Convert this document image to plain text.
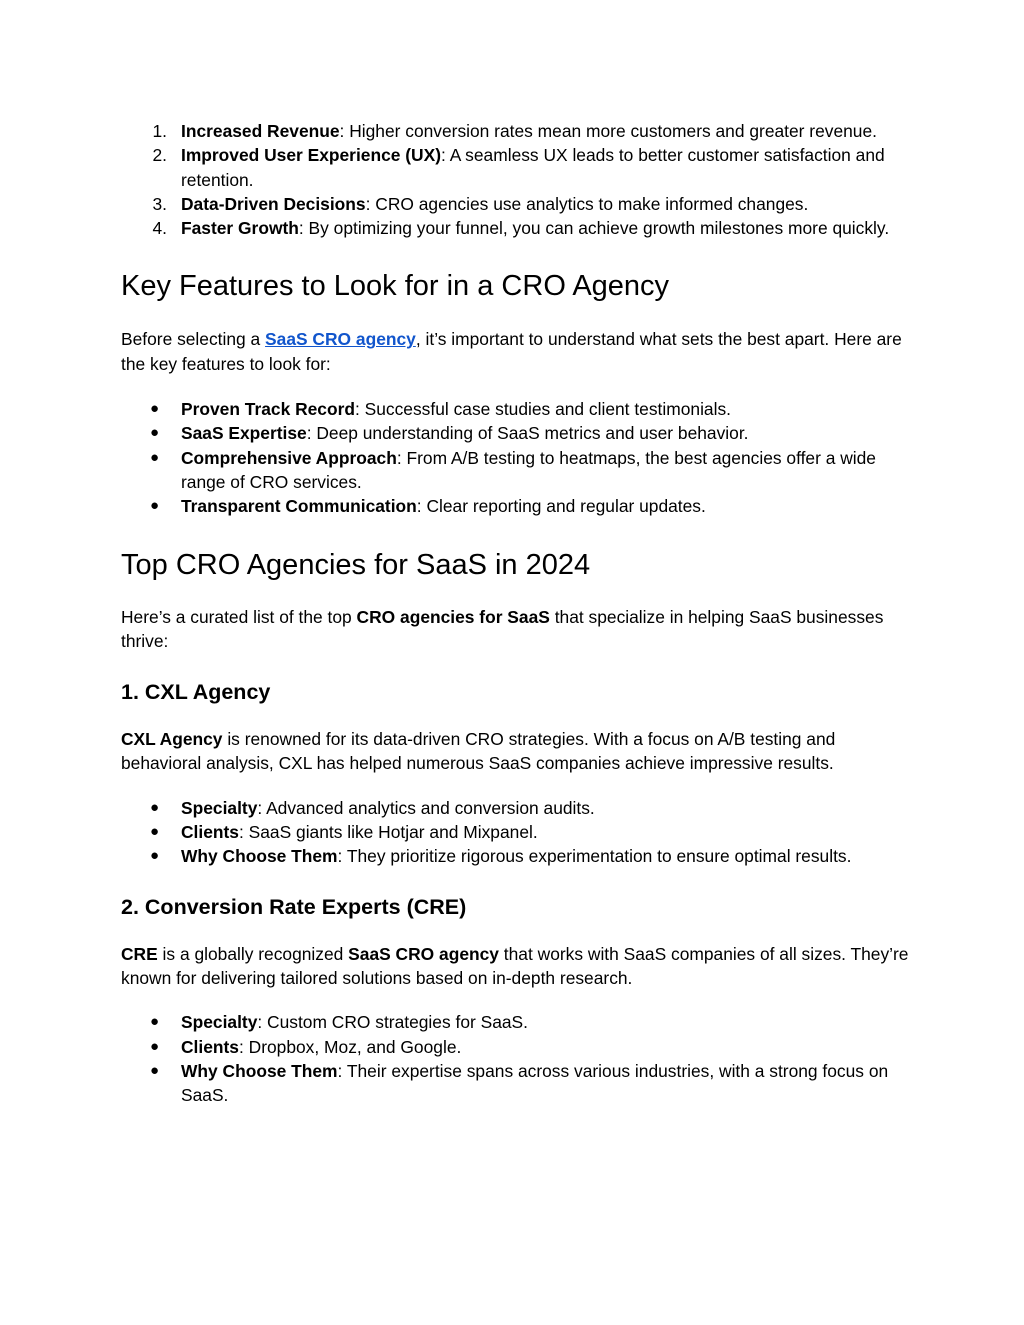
1. Increased Revenue: Higher conversion rates mean more customers and greater revenue.
2. Improved User Experience (UX): A seamless UX leads to better customer satisfaction and retention.
3. Data-Driven Decisions: CRO agencies use analytics to make informed changes.
4. Faster Growth: By optimizing your funnel, you can achieve growth milestones more quickly.
Key Features to Look for in a CRO Agency

Before selecting a SaaS CRO agency, it’s important to understand what sets the best apart. Here are the key features to look for:

● Proven Track Record: Successful case studies and client testimonials.
● SaaS Expertise: Deep understanding of SaaS metrics and user behavior.
● Comprehensive Approach: From A/B testing to heatmaps, the best agencies offer a wide range of CRO services.
● Transparent Communication: Clear reporting and regular updates.
Top CRO Agencies for SaaS in 2024

Here’s a curated list of the top CRO agencies for SaaS that specialize in helping SaaS businesses thrive:

1. CXL Agency

CXL Agency is renowned for its data-driven CRO strategies. With a focus on A/B testing and behavioral analysis, CXL has helped numerous SaaS companies achieve impressive results.

● Specialty: Advanced analytics and conversion audits.
● Clients: SaaS giants like Hotjar and Mixpanel.
● Why Choose Them: They prioritize rigorous experimentation to ensure optimal results.
2. Conversion Rate Experts (CRE)

CRE is a globally recognized SaaS CRO agency that works with SaaS companies of all sizes. They’re known for delivering tailored solutions based on in-depth research.

● Specialty: Custom CRO strategies for SaaS.
● Clients: Dropbox, Moz, and Google.
● Why Choose Them: Their expertise spans across various industries, with a strong focus on SaaS.
